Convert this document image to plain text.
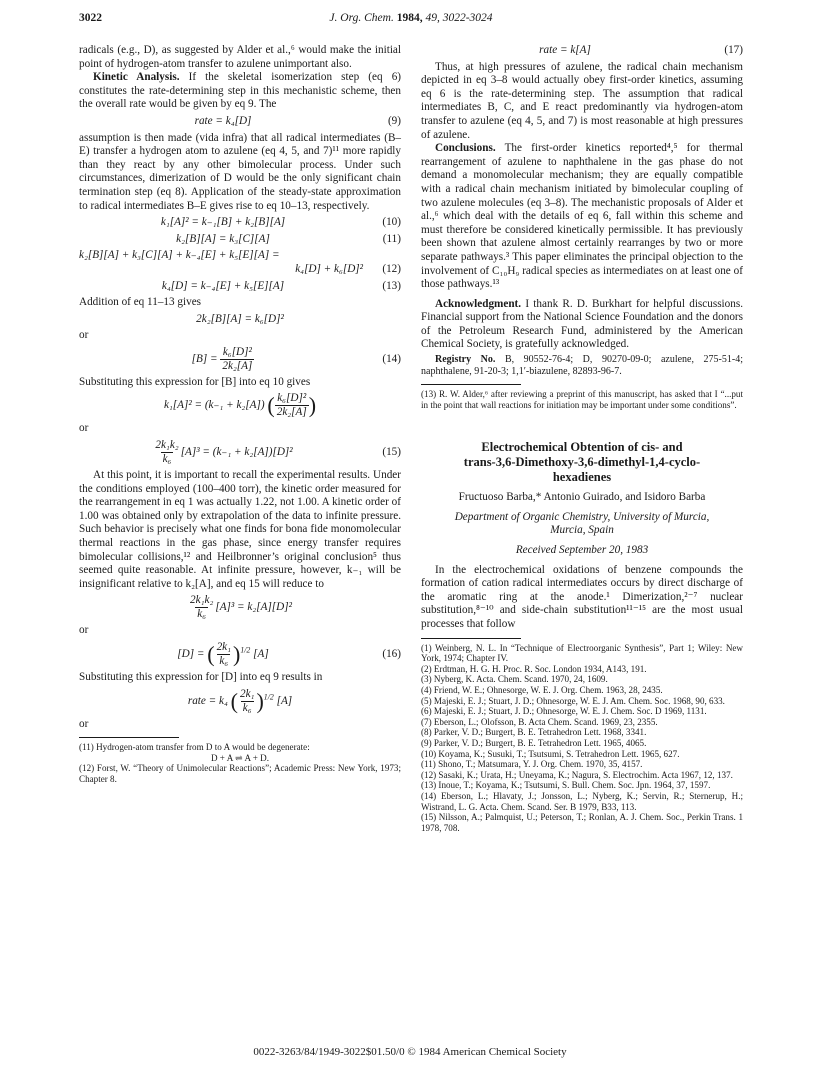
3022	J. Org. Chem. 1984, 49, 3022-3024

radicals (e.g., D), as suggested by Alder et al.,⁶ would make the initial point of hydrogen-atom transfer to azulene unimportant also.

Kinetic Analysis. If the skeletal isomerization step (eq 6) constitutes the rate-determining step in this mechanistic scheme, then the overall rate would be given by eq 9. The

rate = k₄[D]	(9)

assumption is then made (vida infra) that all radical intermediates (B–E) transfer a hydrogen atom to azulene (eq 4, 5, and 7)¹¹ more rapidly than they react by any other bimolecular process. Under such circumstances, dimerization of D would be the only significant chain termination step (eq 8). Application of the steady-state approximation to radical intermediates B–E gives rise to eq 10–13, respectively.

k₁[A]² = k₋₁[B] + k₂[B][A]	(10)
k₂[B][A] = k₃[C][A]	(11)
k₂[B][A] + k₃[C][A] + k₋₄[E] + k₅[E][A] =
k₄[D] + k₆[D]²	(12)
k₄[D] = k₋₄[E] + k₅[E][A]	(13)

Addition of eq 11–13 gives

2k₂[B][A] = k₆[D]²

or

$[B] = \frac{\text{k₆[D]²}}{\text{2k₂[A]}}$	(14)

Substituting this expression for [B] into eq 10 gives

k₁[A]² = (k₋₁ + k₂[A]) ( $\frac{\text{k₆[D]²}}{\text{2k₂[A]}}$ )

or

$\frac{\text{2k₁k₂}}{\text{k₆}} [A]^3 = (k_{-1} + k_2[A])[D]^2$	(15)

At this point, it is important to recall the experimental results. Under the conditions employed (100–400 torr), the kinetic order measured for the rearrangement in eq 1 was actually 1.22, not 1.00. A kinetic order of 1.00 was obtained only by extrapolation of the data to infinite pressure. Such behavior is precisely what one finds for bona fide monomolecular thermal reactions in the gas phase, since energy transfer requires bimolecular collisions,¹² and Heilbronner’s original conclusion⁵ thus seemed quite reasonable. At infinite pressure, however, k₋₁ will be insignificant relative to k₂[A], and eq 15 will reduce to

$\frac{\text{2k₁k₂}}{\text{k₆}} [A]^3 = k_2[A][D]^2$

or

[D] = ( $\frac{\text{2k₁}}{\text{k₆}} )^{1/2}$ [A]	(16)

Substituting this expression for [D] into eq 9 results in

rate = k₄ ( $\frac{\text{2k₁}}{\text{k₆}} )^{1/2}$ [A]

or

(11) Hydrogen-atom transfer from D to A would be degenerate:

D + A ⇌ A + D.

(12) Forst, W. “Theory of Unimolecular Reactions”; Academic Press: New York, 1973; Chapter 8.

rate = k[A]	(17)

Thus, at high pressures of azulene, the radical chain mechanism depicted in eq 3–8 would actually obey first-order kinetics, assuming eq 6 is the rate-determining step. The assumption that radical intermediates B, C, and E react predominantly via hydrogen-atom transfer to azulene (eq 4, 5, and 7) is most reasonable at high pressures of azulene.

Conclusions. The first-order kinetics reported⁴,⁵ for thermal rearrangement of azulene to naphthalene in the gas phase do not demand a monomolecular mechanism; they are equally compatible with a radical chain mechanism initiated by bimolecular coupling of two azulene molecules (eq 3–8). The mechanistic proposals of Alder et al.,⁶ which deal with the details of eq 6, fall within this scheme and must therefore be considered kinetically permissible. It has previously been shown that azulene almost certainly rearranges by two or more separate pathways.³ This paper eliminates the principal objection to the involvement of C₁₀H₉ radical species as intermediates on at least one of those pathways.¹³

Acknowledgment. I thank R. D. Burkhart for helpful discussions. Financial support from the National Science Foundation and the donors of the Petroleum Research Fund, administered by the American Chemical Society, is gratefully acknowledged.

Registry No. B, 90552-76-4; D, 90270-09-0; azulene, 275-51-4; naphthalene, 91-20-3; 1,1′-biazulene, 82893-96-7.

(13) R. W. Alder,⁶ after reviewing a preprint of this manuscript, has asked that I “...put in the point that wall reactions for initiation may be important under some conditions”.

Electrochemical Obtention of cis- and
trans-3,6-Dimethoxy-3,6-dimethyl-1,4-cyclo-
hexadienes
Fructuoso Barba,* Antonio Guirado, and Isidoro Barba
Department of Organic Chemistry, University of Murcia,
Murcia, Spain
Received September 20, 1983

In the electrochemical oxidations of benzene compounds the formation of cation radical intermediates occurs by direct discharge of the aromatic ring at the anode.¹ Dimerization,²⁻⁷ nuclear substitution,⁸⁻¹⁰ and side-chain substitution¹¹⁻¹⁵ are the most usual processes that follow

(1) Weinberg, N. L. In “Technique of Electroorganic Synthesis”, Part 1; Wiley: New York, 1974; Chapter IV.

(2) Erdtman, H. G. H. Proc. R. Soc. London 1934, A143, 191.

(3) Nyberg, K. Acta. Chem. Scand. 1970, 24, 1609.

(4) Friend, W. E.; Ohnesorge, W. E. J. Org. Chem. 1963, 28, 2435.

(5) Majeski, E. J.; Stuart, J. D.; Ohnesorge, W. E. J. Am. Chem. Soc. 1968, 90, 633.

(6) Majeski, E. J.; Stuart, J. D.; Ohnesorge, W. E. J. Chem. Soc. D 1969, 1131.

(7) Eberson, L.; Olofsson, B. Acta Chem. Scand. 1969, 23, 2355.

(8) Parker, V. D.; Burgert, B. E. Tetrahedron Lett. 1968, 3341.

(9) Parker, V. D.; Burgert, B. E. Tetrahedron Lett. 1965, 4065.

(10) Koyama, K.; Susuki, T.; Tsutsumi, S. Tetrahedron Lett. 1965, 627.

(11) Shono, T.; Matsumara, Y. J. Org. Chem. 1970, 35, 4157.

(12) Sasaki, K.; Urata, H.; Uneyama, K.; Nagura, S. Electrochim. Acta 1967, 12, 137.

(13) Inoue, T.; Koyama, K.; Tsutsumi, S. Bull. Chem. Soc. Jpn. 1964, 37, 1597.

(14) Eberson, L.; Hlavaty, J.; Jonsson, L.; Nyberg, K.; Servin, R.; Sternerup, H.; Wistrand, L. G. Acta. Chem. Scand. Ser. B 1979, B33, 113.

(15) Nilsson, A.; Palmquist, U.; Peterson, T.; Ronlan, A. J. Chem. Soc., Perkin Trans. 1 1978, 708.

0022-3263/84/1949-3022$01.50/0 © 1984 American Chemical Society
